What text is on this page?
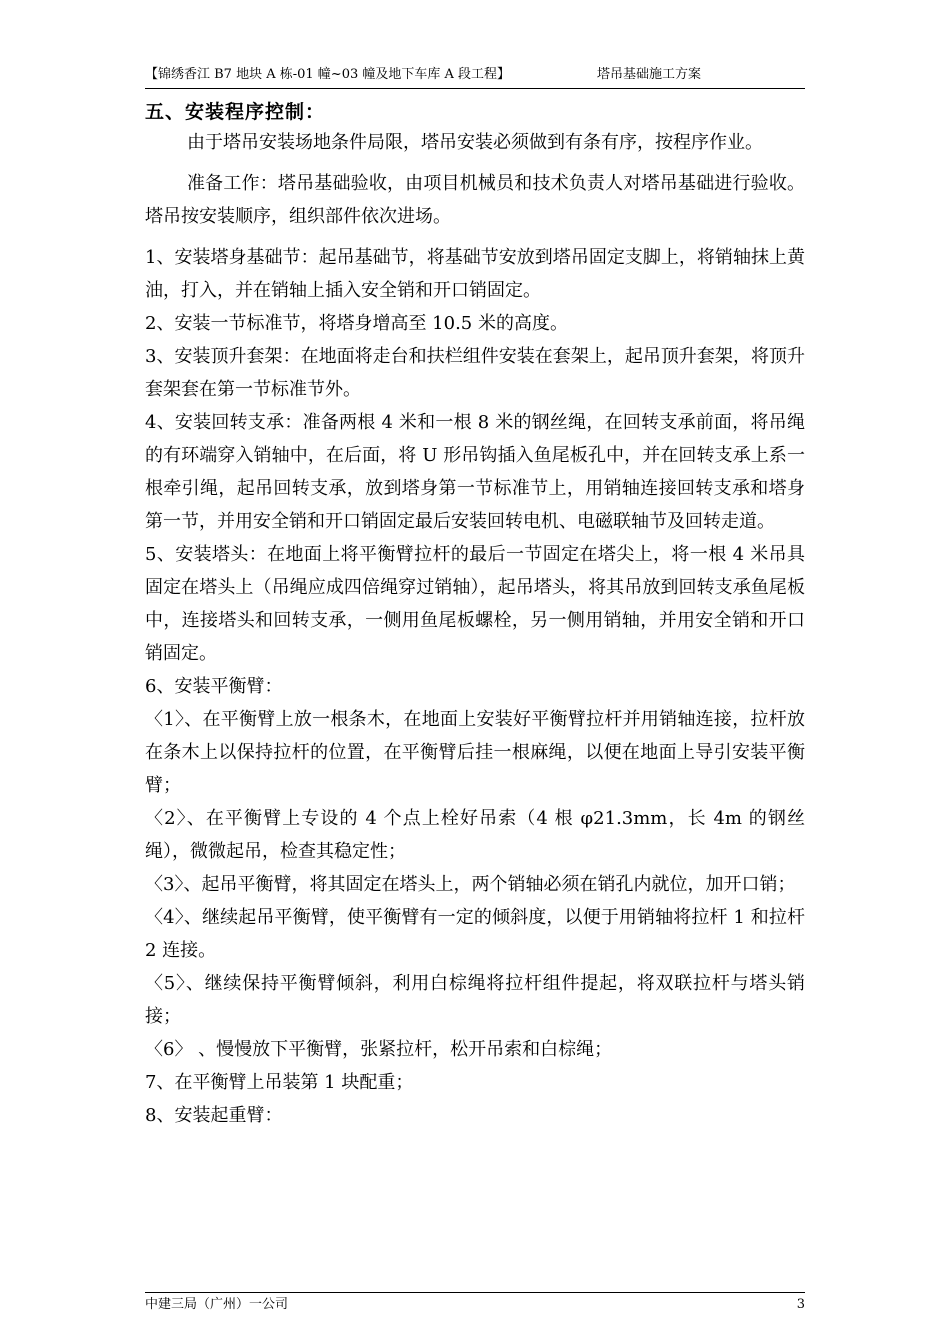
【锦绣香江 B7 地块 A 栋-01 幢~03 幢及地下车库 A 段工程】	塔吊基础施工方案

五、安装程序控制：

由于塔吊安装场地条件局限，塔吊安装必须做到有条有序，按程序作业。

准备工作：塔吊基础验收，由项目机械员和技术负责人对塔吊基础进行验收。塔吊按安装顺序，组织部件依次进场。

1、安装塔身基础节：起吊基础节，将基础节安放到塔吊固定支脚上，将销轴抹上黄油，打入，并在销轴上插入安全销和开口销固定。

2、安装一节标准节，将塔身增高至 10.5 米的高度。

3、安装顶升套架：在地面将走台和扶栏组件安装在套架上，起吊顶升套架，将顶升套架套在第一节标准节外。

4、安装回转支承：准备两根 4 米和一根 8 米的钢丝绳，在回转支承前面，将吊绳的有环端穿入销轴中，在后面，将 U 形吊钩插入鱼尾板孔中，并在回转支承上系一根牵引绳，起吊回转支承，放到塔身第一节标准节上，用销轴连接回转支承和塔身第一节，并用安全销和开口销固定最后安装回转电机、电磁联轴节及回转走道。

5、安装塔头：在地面上将平衡臂拉杆的最后一节固定在塔尖上，将一根 4 米吊具固定在塔头上（吊绳应成四倍绳穿过销轴），起吊塔头，将其吊放到回转支承鱼尾板中，连接塔头和回转支承，一侧用鱼尾板螺栓，另一侧用销轴，并用安全销和开口销固定。

6、安装平衡臂：

〈1〉、在平衡臂上放一根条木，在地面上安装好平衡臂拉杆并用销轴连接，拉杆放在条木上以保持拉杆的位置，在平衡臂后挂一根麻绳，以便在地面上导引安装平衡臂；

〈2〉、在平衡臂上专设的 4 个点上栓好吊索（4 根 φ21.3mm，长 4m 的钢丝绳），微微起吊，检查其稳定性；

〈3〉、起吊平衡臂，将其固定在塔头上，两个销轴必须在销孔内就位，加开口销；

〈4〉、继续起吊平衡臂，使平衡臂有一定的倾斜度，以便于用销轴将拉杆 1 和拉杆 2 连接。

〈5〉、继续保持平衡臂倾斜，利用白棕绳将拉杆组件提起，将双联拉杆与塔头销接；

〈6〉 、慢慢放下平衡臂，张紧拉杆，松开吊索和白棕绳；

7、在平衡臂上吊装第 1 块配重；

8、安装起重臂：

中建三局（广州）一公司	3
